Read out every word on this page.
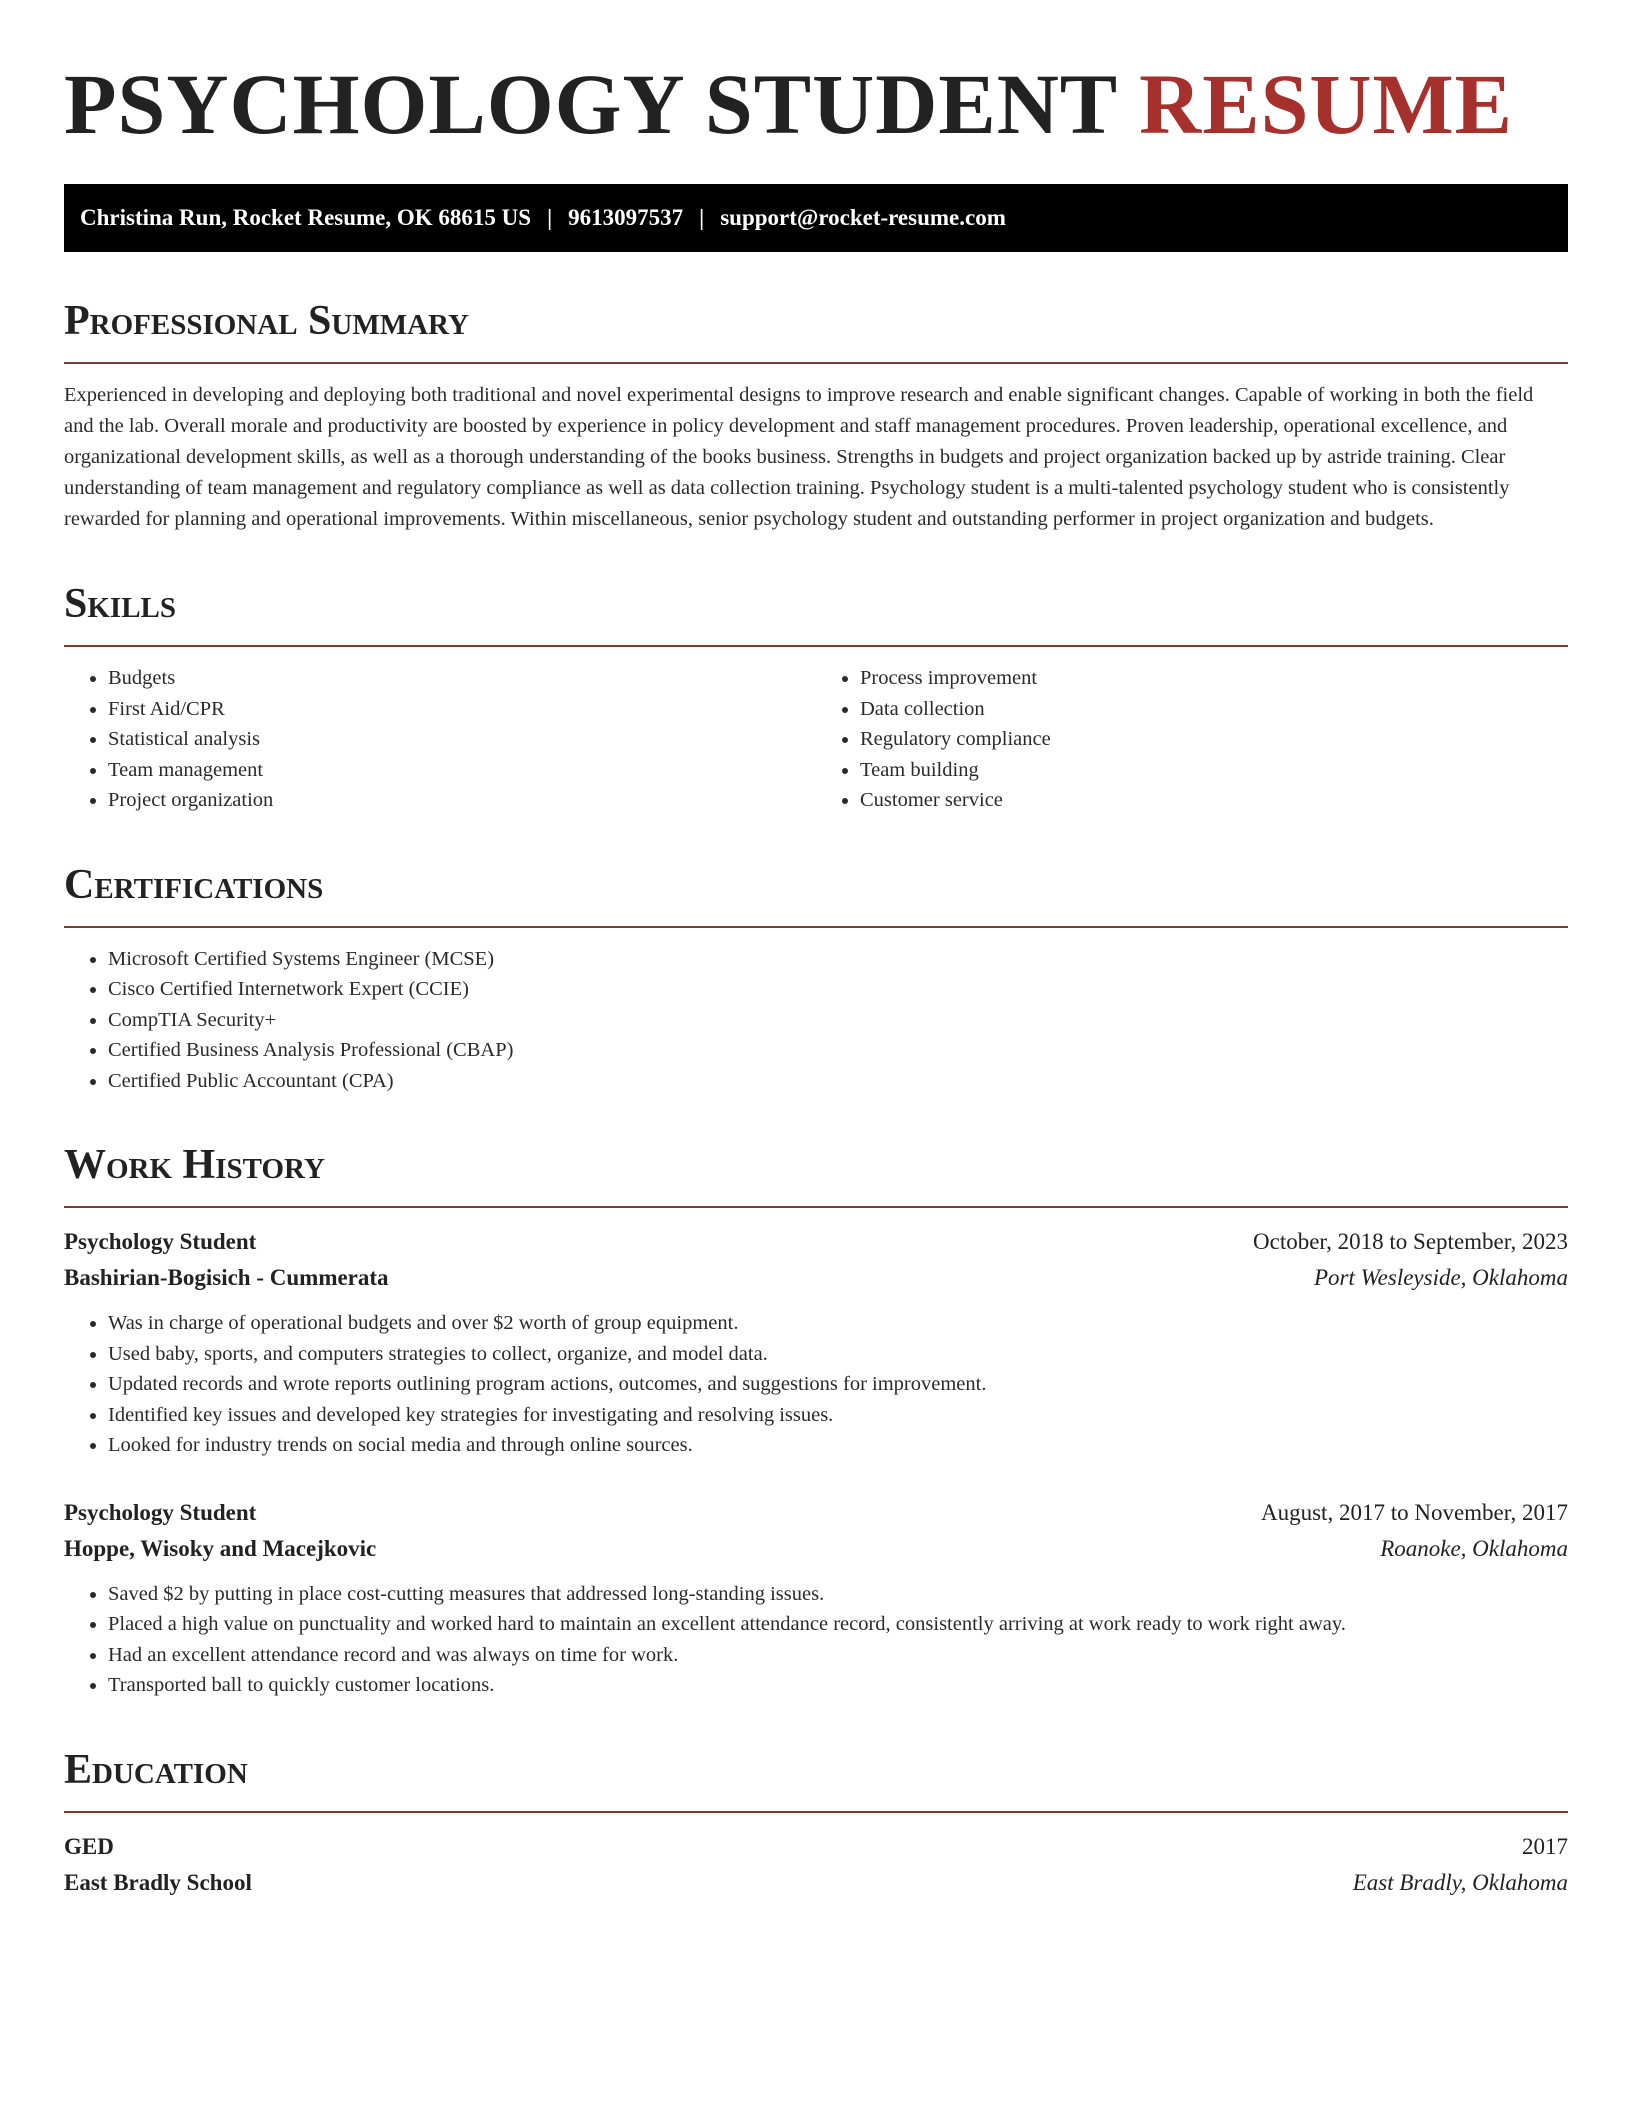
PSYCHOLOGY STUDENT RESUME
Christina Run, Rocket Resume, OK 68615 US | 9613097537 | support@rocket-resume.com
Professional Summary

Experienced in developing and deploying both traditional and novel experimental designs to improve research and enable significant changes. Capable of working in both the field and the lab. Overall morale and productivity are boosted by experience in policy development and staff management procedures. Proven leadership, operational excellence, and organizational development skills, as well as a thorough understanding of the books business. Strengths in budgets and project organization backed up by astride training. Clear understanding of team management and regulatory compliance as well as data collection training. Psychology student is a multi-talented psychology student who is consistently rewarded for planning and operational improvements. Within miscellaneous, senior psychology student and outstanding performer in project organization and budgets.

Skills
• Budgets
• First Aid/CPR
• Statistical analysis
• Team management
• Project organization
• Process improvement
• Data collection
• Regulatory compliance
• Team building
• Customer service
Certifications
• Microsoft Certified Systems Engineer (MCSE)
• Cisco Certified Internetwork Expert (CCIE)
• CompTIA Security+
• Certified Business Analysis Professional (CBAP)
• Certified Public Accountant (CPA)
Work History
Psychology Student	October, 2018 to September, 2023
Bashirian-Bogisich - Cummerata	Port Wesleyside, Oklahoma
• Was in charge of operational budgets and over $2 worth of group equipment.
• Used baby, sports, and computers strategies to collect, organize, and model data.
• Updated records and wrote reports outlining program actions, outcomes, and suggestions for improvement.
• Identified key issues and developed key strategies for investigating and resolving issues.
• Looked for industry trends on social media and through online sources.
Psychology Student	August, 2017 to November, 2017
Hoppe, Wisoky and Macejkovic	Roanoke, Oklahoma
• Saved $2 by putting in place cost-cutting measures that addressed long-standing issues.
• Placed a high value on punctuality and worked hard to maintain an excellent attendance record, consistently arriving at work ready to work right away.
• Had an excellent attendance record and was always on time for work.
• Transported ball to quickly customer locations.
Education
GED	2017
East Bradly School	East Bradly, Oklahoma
